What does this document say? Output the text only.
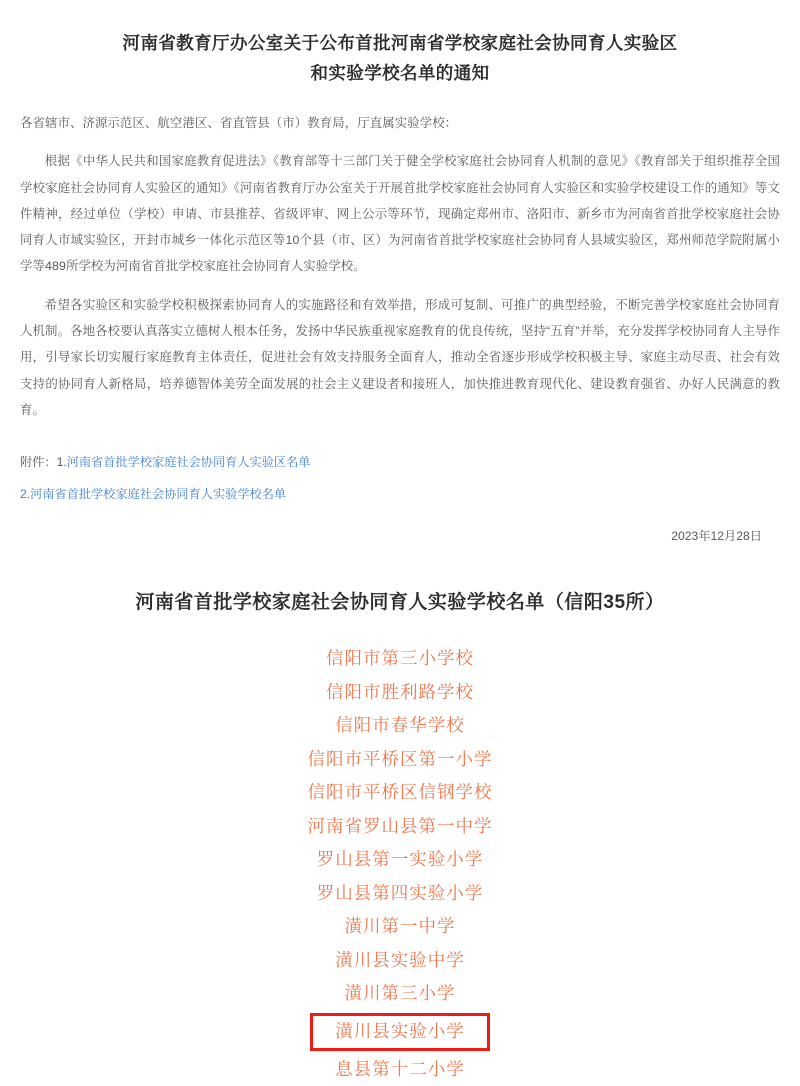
河南省教育厅办公室关于公布首批河南省学校家庭社会协同育人实验区
和实验学校名单的通知

各省辖市、济源示范区、航空港区、省直管县（市）教育局，厅直属实验学校：

根据《中华人民共和国家庭教育促进法》《教育部等十三部门关于健全学校家庭社会协同育人机制的意见》《教育部关于组织推荐全国学校家庭社会协同育人实验区的通知》《河南省教育厅办公室关于开展首批学校家庭社会协同育人实验区和实验学校建设工作的通知》等文件精神，经过单位（学校）申请、市县推荐、省级评审、网上公示等环节，现确定郑州市、洛阳市、新乡市为河南省首批学校家庭社会协同育人市域实验区，开封市城乡一体化示范区等10个县（市、区）为河南省首批学校家庭社会协同育人县域实验区，郑州师范学院附属小学等489所学校为河南省首批学校家庭社会协同育人实验学校。

希望各实验区和实验学校积极探索协同育人的实施路径和有效举措，形成可复制、可推广的典型经验，不断完善学校家庭社会协同育人机制。各地各校要认真落实立德树人根本任务，发扬中华民族重视家庭教育的优良传统，坚持“五育”并举，充分发挥学校协同育人主导作用，引导家长切实履行家庭教育主体责任，促进社会有效支持服务全面育人，推动全省逐步形成学校积极主导、家庭主动尽责、社会有效支持的协同育人新格局，培养德智体美劳全面发展的社会主义建设者和接班人，加快推进教育现代化、建设教育强省、办好人民满意的教育。

附件：1.河南省首批学校家庭社会协同育人实验区名单
2.河南省首批学校家庭社会协同育人实验学校名单
2023年12月28日
河南省首批学校家庭社会协同育人实验学校名单（信阳35所）
信阳市第三小学校
信阳市胜利路学校
信阳市春华学校
信阳市平桥区第一小学
信阳市平桥区信钢学校
河南省罗山县第一中学
罗山县第一实验小学
罗山县第四实验小学
潢川第一中学
潢川县实验中学
潢川第三小学
潢川县实验小学
息县第十二小学
